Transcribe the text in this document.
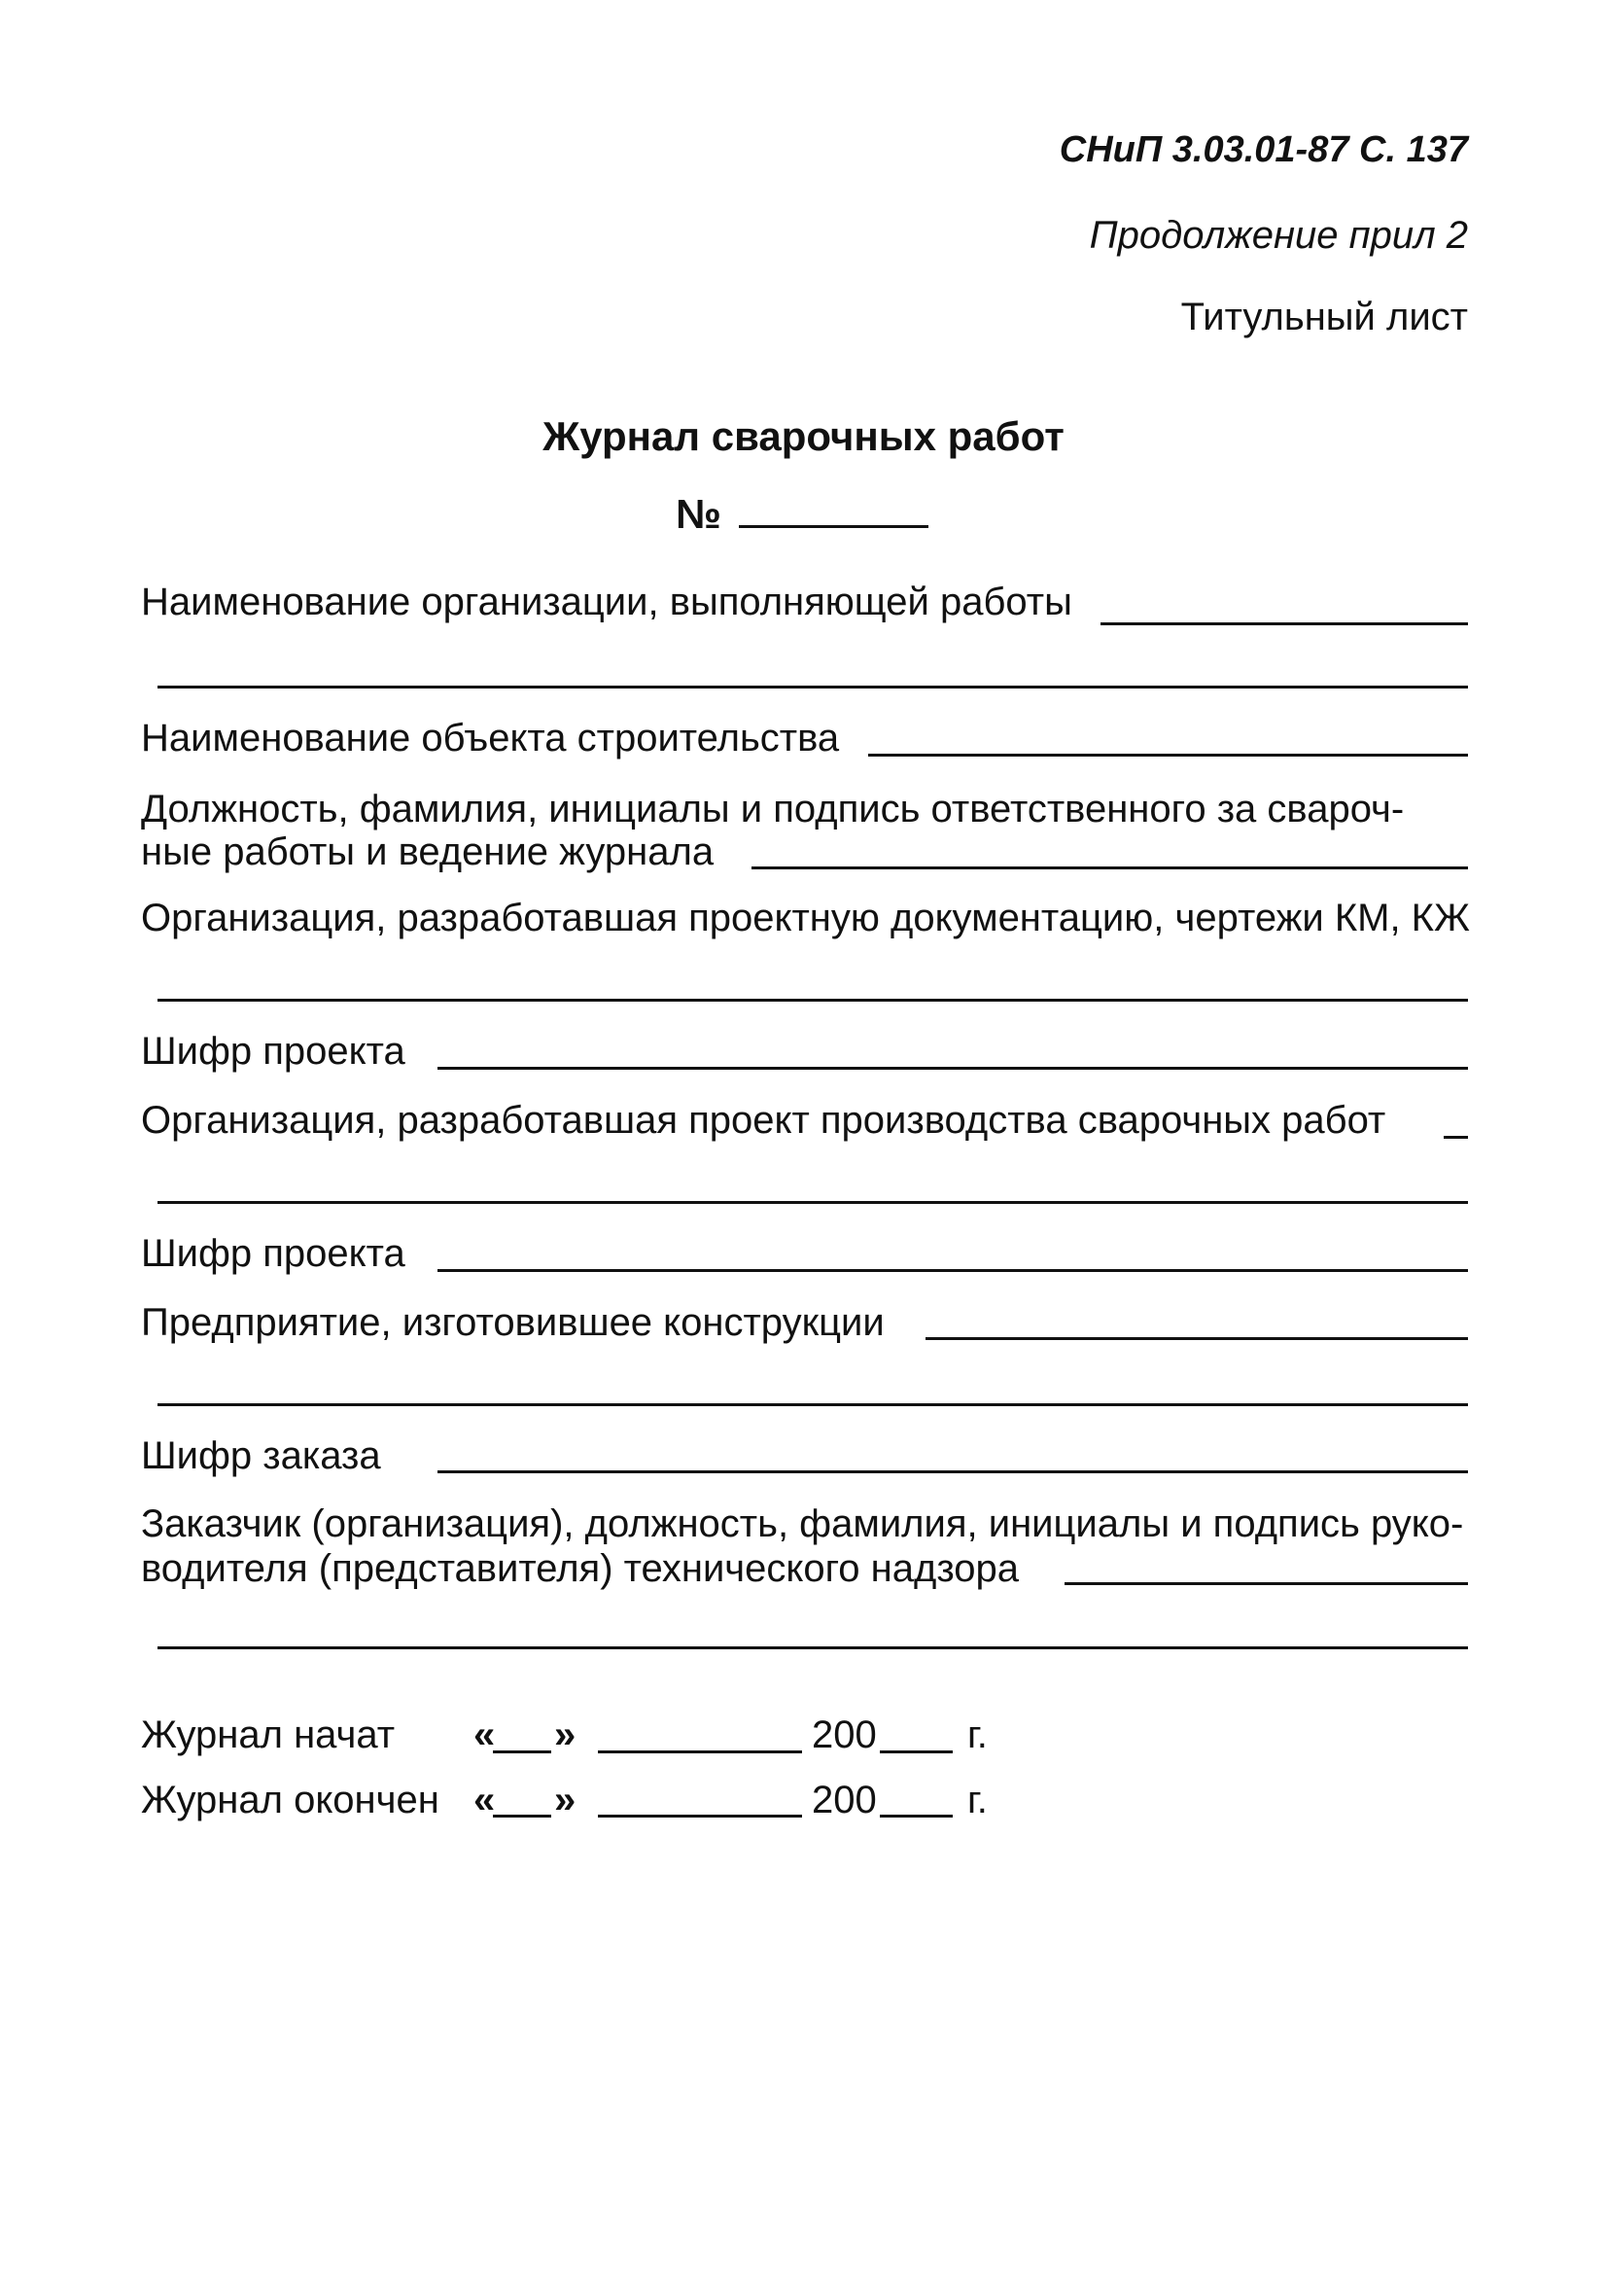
СНиП 3.03.01-87 С. 137
Продолжение прил 2
Титульный лист
Журнал сварочных работ
№
Наименование организации, выполняющей работы
Наименование объекта строительства
Должность, фамилия, инициалы и подпись ответственного за свароч-
ные работы и ведение журнала
Организация, разработавшая проектную документацию, чертежи КМ, КЖ
Шифр проекта
Организация, разработавшая проект производства сварочных работ
Шифр проекта
Предприятие, изготовившее конструкции
Шифр заказа
Заказчик (организация), должность, фамилия, инициалы и подпись руко-
водителя (представителя) технического надзора
Журнал начат « »	200 г.
Журнал окончен « »	200 г.
